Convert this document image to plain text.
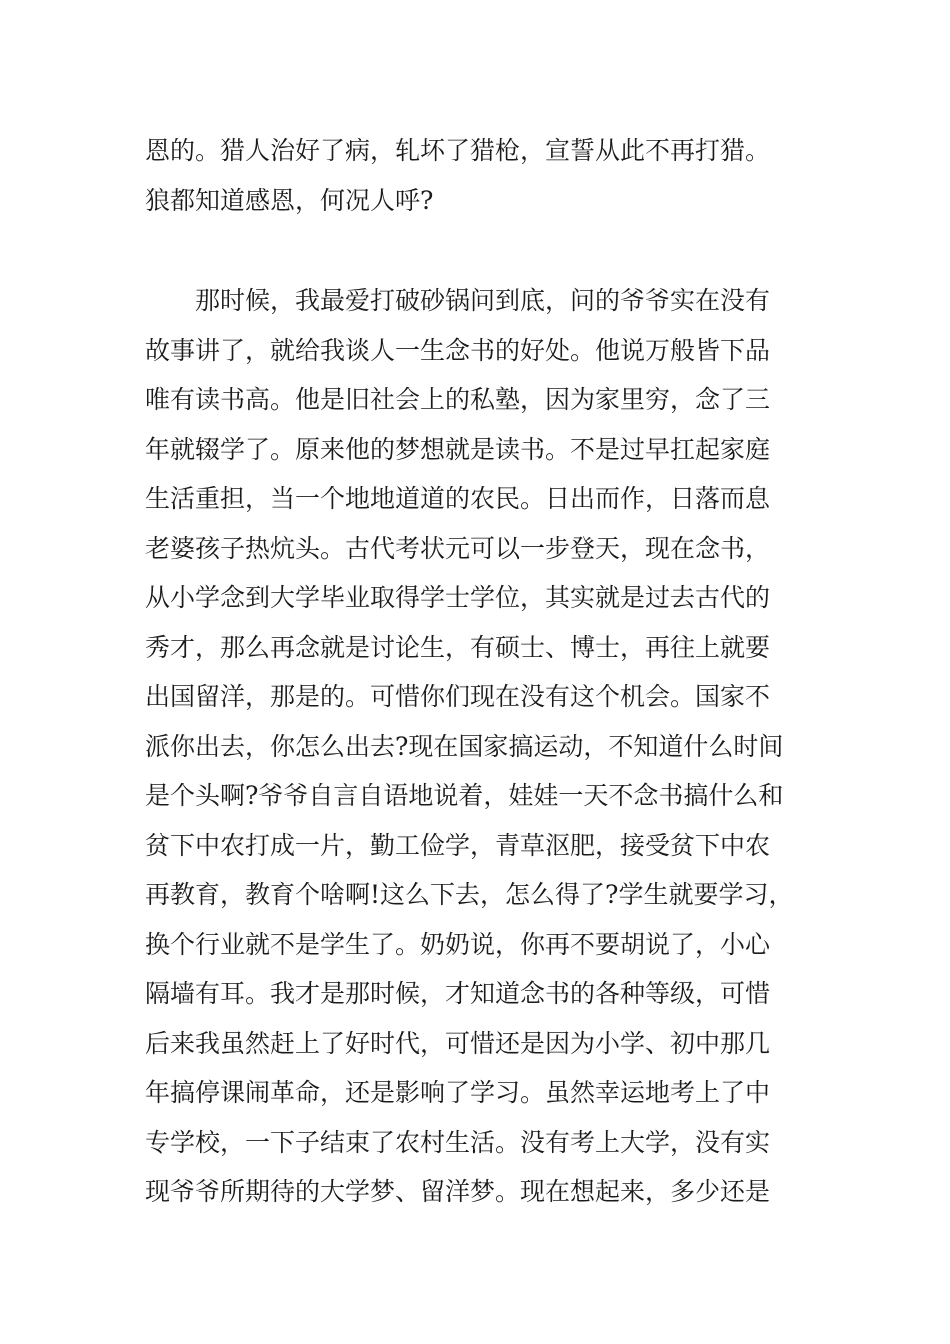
恩的。猎人治好了病，轧坏了猎枪，宣誓从此不再打猎。
狼都知道感恩，何况人呼?

　　那时候，我最爱打破砂锅问到底，问的爷爷实在没有
故事讲了，就给我谈人一生念书的好处。他说万般皆下品
唯有读书高。他是旧社会上的私塾，因为家里穷，念了三
年就辍学了。原来他的梦想就是读书。不是过早扛起家庭
生活重担，当一个地地道道的农民。日出而作，日落而息
老婆孩子热炕头。古代考状元可以一步登天，现在念书，
从小学念到大学毕业取得学士学位，其实就是过去古代的
秀才，那么再念就是讨论生，有硕士、博士，再往上就要
出国留洋，那是的。可惜你们现在没有这个机会。国家不
派你出去，你怎么出去?现在国家搞运动，不知道什么时间
是个头啊?爷爷自言自语地说着，娃娃一天不念书搞什么和
贫下中农打成一片，勤工俭学，青草沤肥，接受贫下中农
再教育，教育个啥啊!这么下去，怎么得了?学生就要学习，
换个行业就不是学生了。奶奶说，你再不要胡说了，小心
隔墙有耳。我才是那时候，才知道念书的各种等级，可惜
后来我虽然赶上了好时代，可惜还是因为小学、初中那几
年搞停课闹革命，还是影响了学习。虽然幸运地考上了中
专学校，一下子结束了农村生活。没有考上大学，没有实
现爷爷所期待的大学梦、留洋梦。现在想起来，多少还是
